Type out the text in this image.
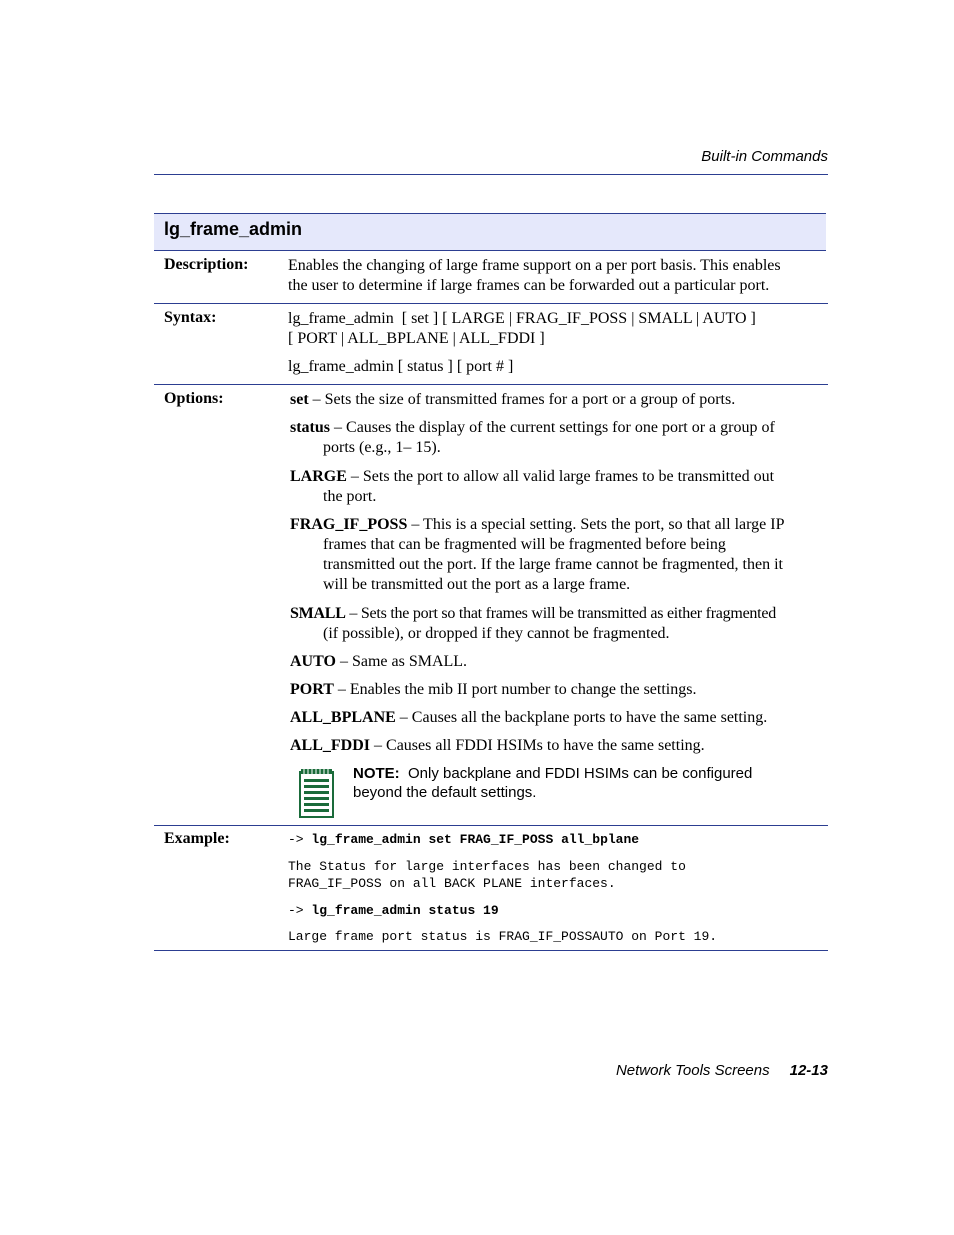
Built-in Commands
lg_frame_admin
Description: Enables the changing of large frame support on a per port basis. This enables
the user to determine if large frames can be forwarded out a particular port.
Syntax:	lg_frame_admin  [ set ] [ LARGE | FRAG_IF_POSS | SMALL | AUTO ]
[ PORT | ALL_BPLANE | ALL_FDDI ]
lg_frame_admin [ status ] [ port # ]
Options:	set – Sets the size of transmitted frames for a port or a group of ports.
status – Causes the display of the current settings for one port or a group of
ports (e.g., 1– 15).
LARGE – Sets the port to allow all valid large frames to be transmitted out
the port.
FRAG_IF_POSS – This is a special setting. Sets the port, so that all large IP
frames that can be fragmented will be fragmented before being
transmitted out the port. If the large frame cannot be fragmented, then it
will be transmitted out the port as a large frame.
SMALL – Sets the port so that frames will be transmitted as either fragmented
(if possible), or dropped if they cannot be fragmented.
AUTO – Same as SMALL.
PORT – Enables the mib II port number to change the settings.
ALL_BPLANE – Causes all the backplane ports to have the same setting.
ALL_FDDI – Causes all FDDI HSIMs to have the same setting.
NOTE:  Only backplane and FDDI HSIMs can be configured
beyond the default settings.
Example:	-> lg_frame_admin set FRAG_IF_POSS all_bplane
The Status for large interfaces has been changed to
FRAG_IF_POSS on all BACK PLANE interfaces.
-> lg_frame_admin status 19
Large frame port status is FRAG_IF_POSSAUTO on Port 19.
Network Tools Screens 12-13
